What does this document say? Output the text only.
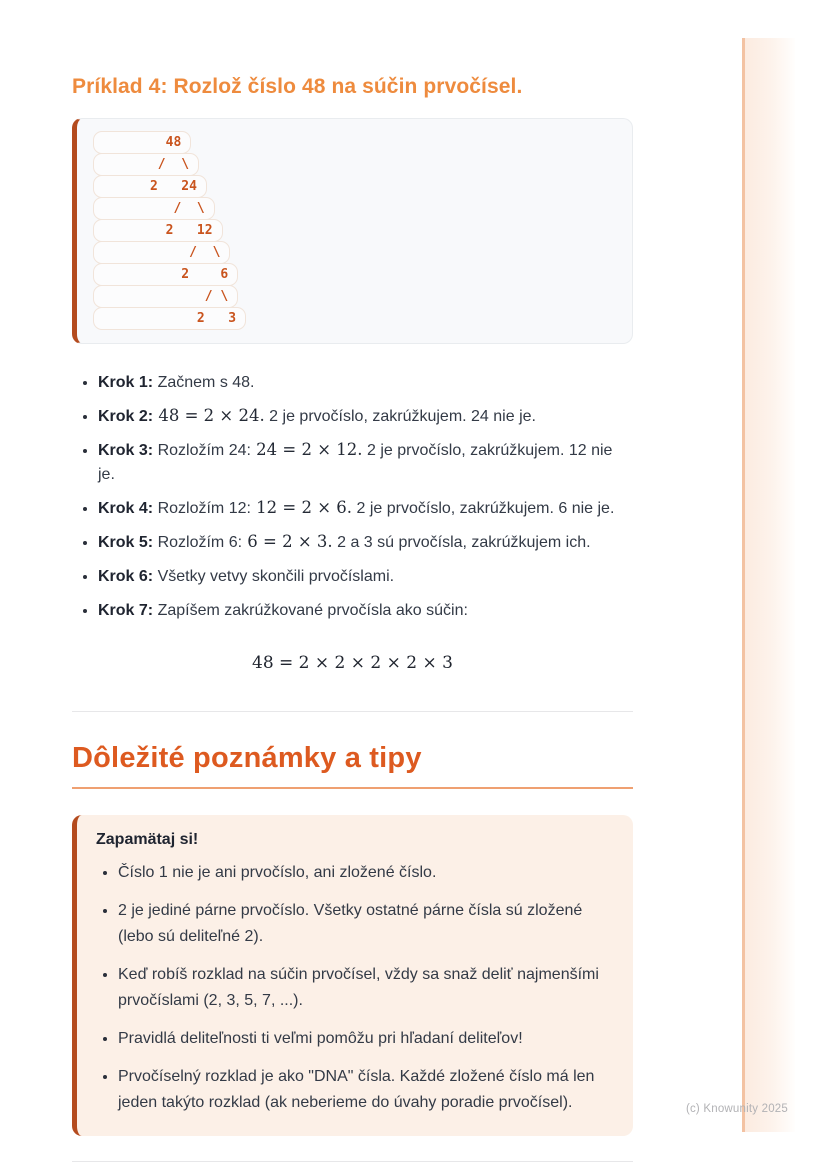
Príklad 4: Rozlož číslo 48 na súčin prvočísel.
48
/  \
2   24
/  \
2   12
/  \
2    6
/ \
2   3
• Krok 1: Začnem s 48.
• Krok 2: 48 = 2 × 24. 2 je prvočíslo, zakrúžkujem. 24 nie je.
• Krok 3: Rozložím 24: 24 = 2 × 12. 2 je prvočíslo, zakrúžkujem. 12 nie je.
• Krok 4: Rozložím 12: 12 = 2 × 6. 2 je prvočíslo, zakrúžkujem. 6 nie je.
• Krok 5: Rozložím 6: 6 = 2 × 3. 2 a 3 sú prvočísla, zakrúžkujem ich.
• Krok 6: Všetky vetvy skončili prvočíslami.
• Krok 7: Zapíšem zakrúžkované prvočísla ako súčin:
48 = 2 × 2 × 2 × 2 × 3
Dôležité poznámky a tipy
Zapamätaj si!
• Číslo 1 nie je ani prvočíslo, ani zložené číslo.
• 2 je jediné párne prvočíslo. Všetky ostatné párne čísla sú zložené (lebo sú deliteľné 2).
• Keď robíš rozklad na súčin prvočísel, vždy sa snaž deliť najmenšími prvočíslami (2, 3, 5, 7, ...).
• Pravidlá deliteľnosti ti veľmi pomôžu pri hľadaní deliteľov!
• Prvočíselný rozklad je ako "DNA" čísla. Každé zložené číslo má len jeden takýto rozklad (ak neberieme do úvahy poradie prvočísel).	(c) Knowunity 2025
